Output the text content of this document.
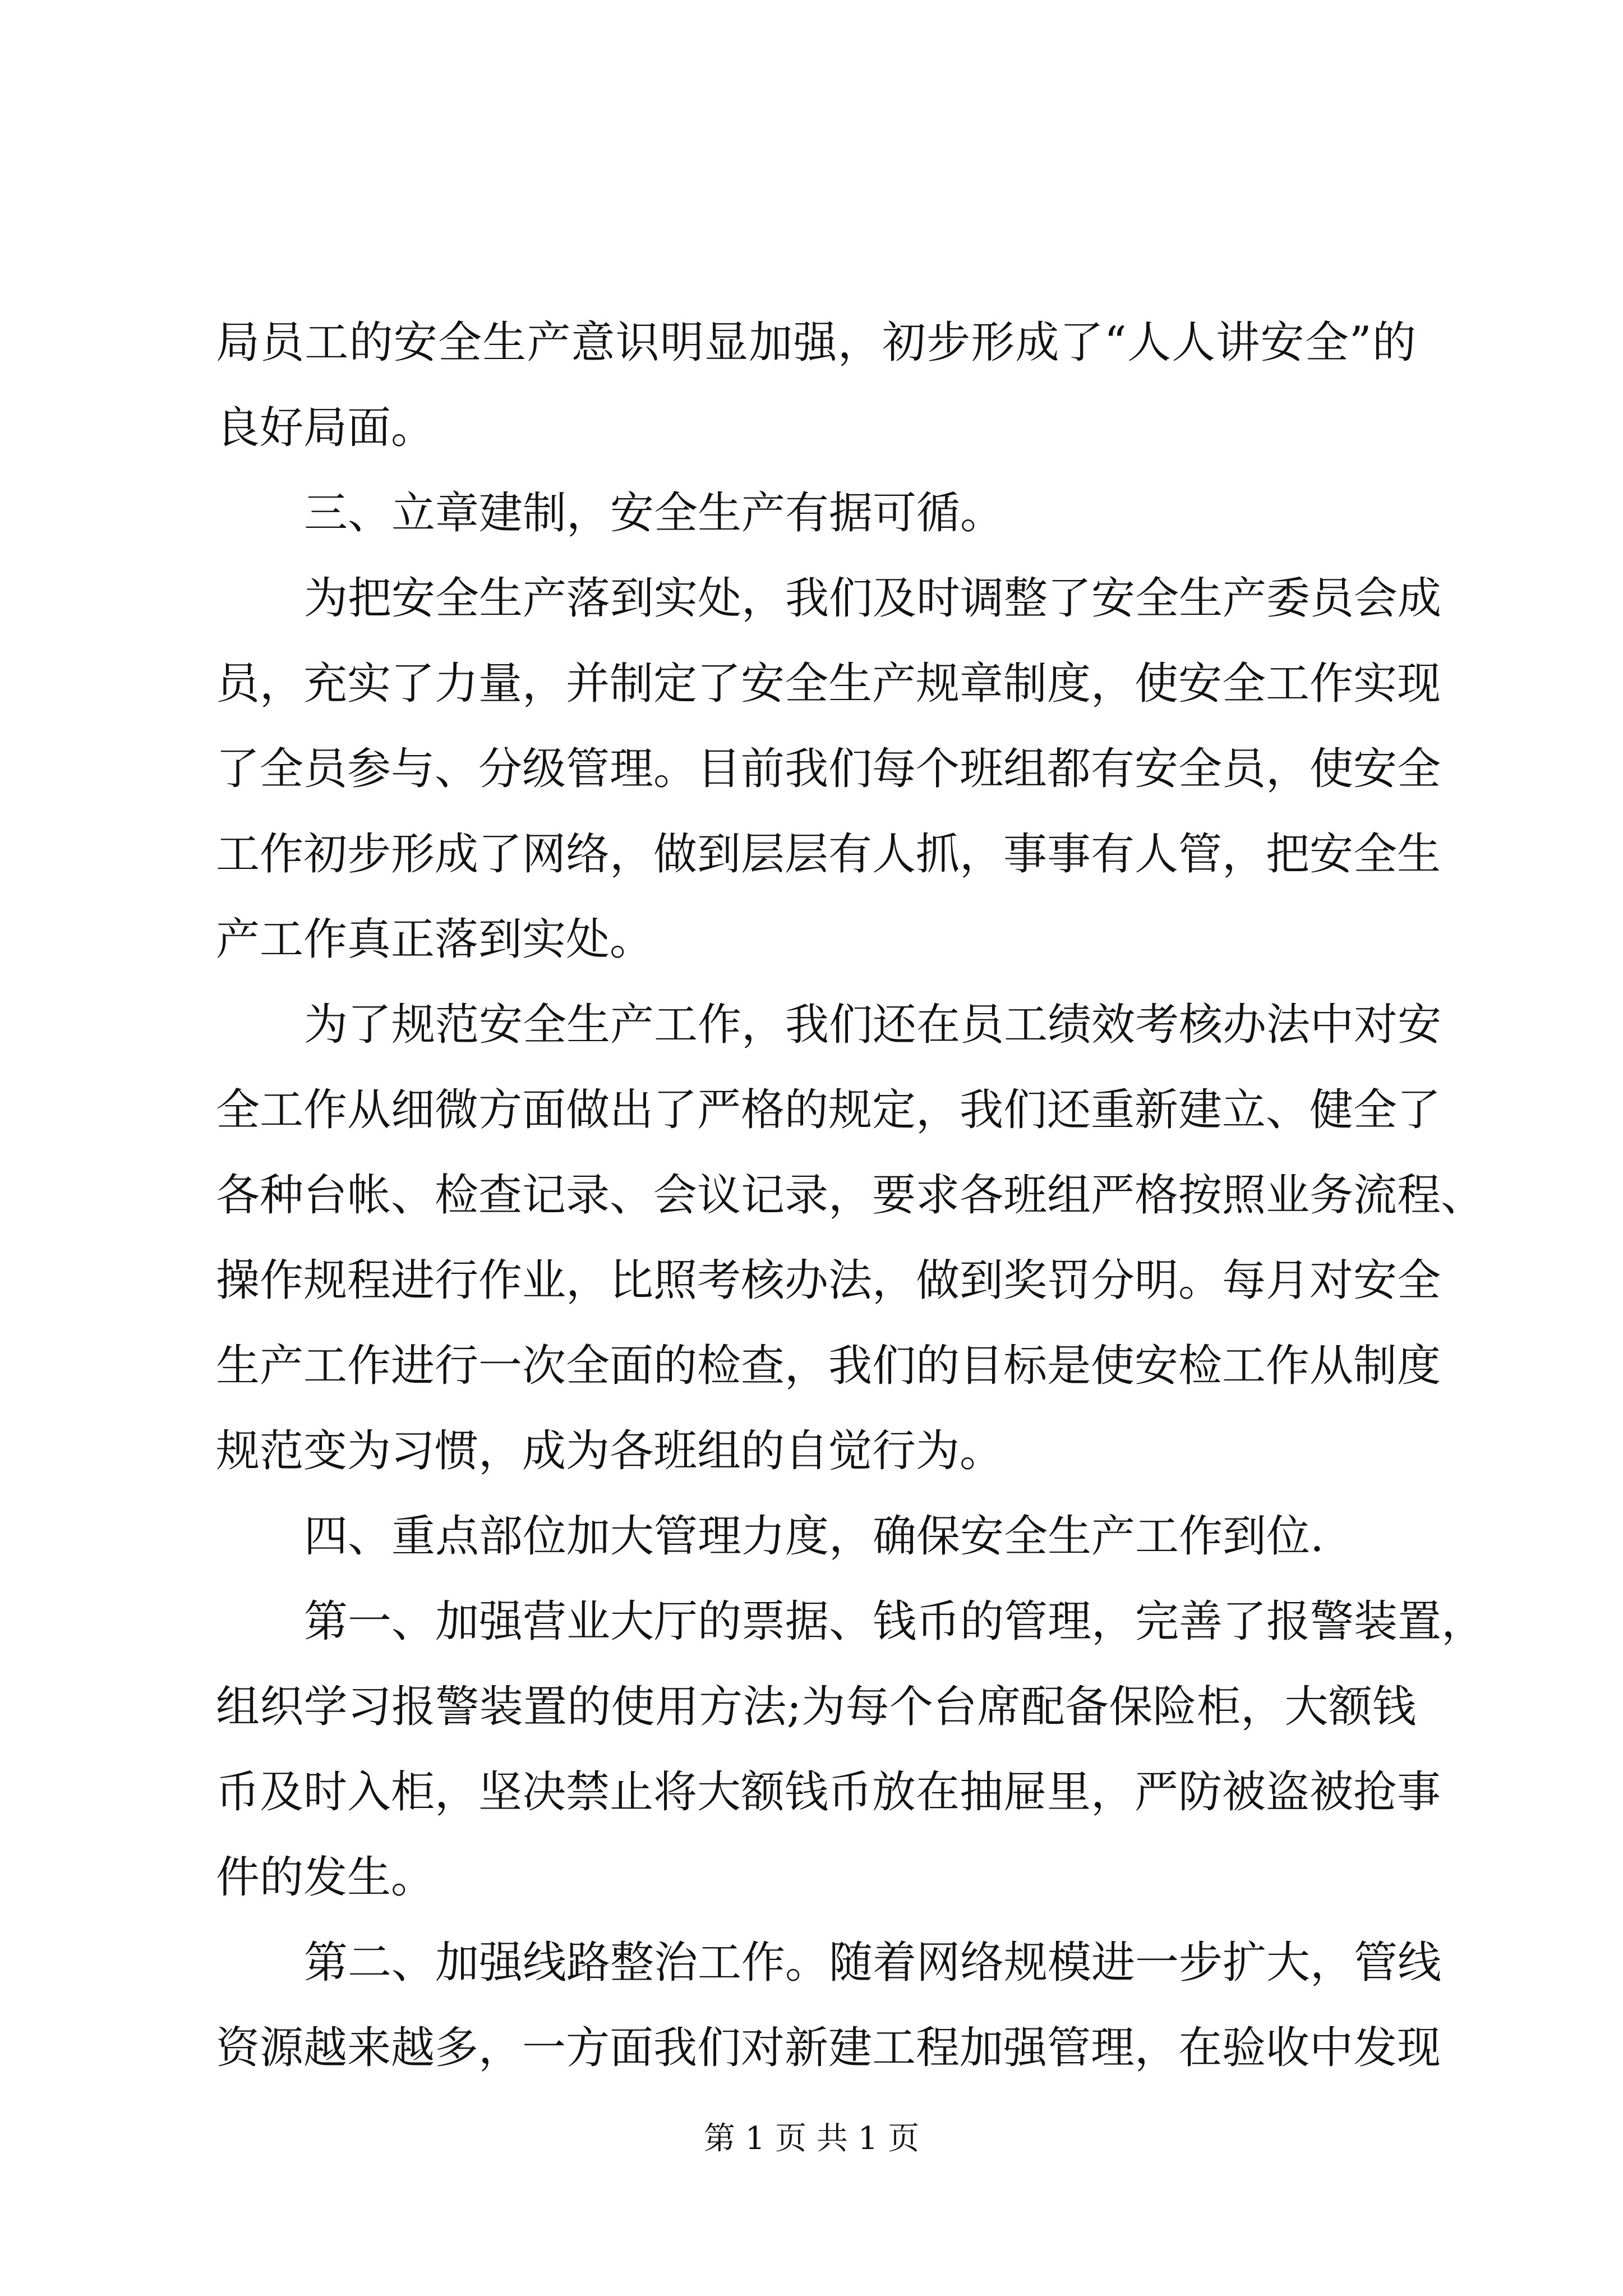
局员工的安全生产意识明显加强，初步形成了“人人讲安全”的
良好局面。
三、立章建制，安全生产有据可循。
为把安全生产落到实处，我们及时调整了安全生产委员会成
员，充实了力量，并制定了安全生产规章制度，使安全工作实现
了全员参与、分级管理。目前我们每个班组都有安全员，使安全
工作初步形成了网络，做到层层有人抓，事事有人管，把安全生
产工作真正落到实处。
为了规范安全生产工作，我们还在员工绩效考核办法中对安
全工作从细微方面做出了严格的规定，我们还重新建立、健全了
各种台帐、检查记录、会议记录，要求各班组严格按照业务流程、
操作规程进行作业，比照考核办法，做到奖罚分明。每月对安全
生产工作进行一次全面的检查，我们的目标是使安检工作从制度
规范变为习惯，成为各班组的自觉行为。
四、重点部位加大管理力度，确保安全生产工作到位.
第一、加强营业大厅的票据、钱币的管理，完善了报警装置，
组织学习报警装置的使用方法;为每个台席配备保险柜，大额钱
币及时入柜，坚决禁止将大额钱币放在抽屉里，严防被盗被抢事
件的发生。
第二、加强线路整治工作。随着网络规模进一步扩大，管线
资源越来越多，一方面我们对新建工程加强管理，在验收中发现
第 1 页 共 1 页
